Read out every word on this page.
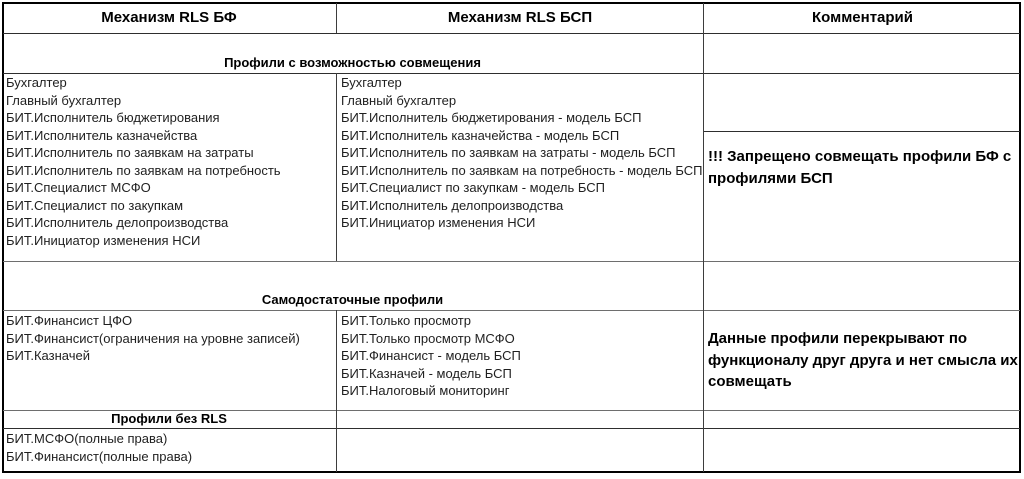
Механизм RLS БФ	Механизм RLS БСП	Комментарий
Профили с возможностью совмещения
Бухгалтер
Главный бухгалтер
БИТ.Исполнитель бюджетирования
БИТ.Исполнитель казначейства
БИТ.Исполнитель по заявкам на затраты
БИТ.Исполнитель по заявкам на потребность
БИТ.Специалист МСФО
БИТ.Специалист по закупкам
БИТ.Исполнитель делопроизводства
БИТ.Инициатор изменения НСИ
Бухгалтер
Главный бухгалтер
БИТ.Исполнитель бюджетирования - модель БСП
БИТ.Исполнитель казначейства - модель БСП
БИТ.Исполнитель по заявкам на затраты - модель БСП
БИТ.Исполнитель по заявкам на потребность - модель БСП
БИТ.Специалист по закупкам - модель БСП
БИТ.Исполнитель делопроизводства
БИТ.Инициатор изменения НСИ
!!! Запрещено совмещать профили БФ с профилями БСП
Самодостаточные профили
БИТ.Финансист ЦФО
БИТ.Финансист(ограничения на уровне записей)
БИТ.Казначей
БИТ.Только просмотр
БИТ.Только просмотр МСФО
БИТ.Финансист - модель БСП
БИТ.Казначей - модель БСП
БИТ.Налоговый мониторинг
Данные профили перекрывают по функционалу друг друга и нет смысла их совмещать
Профили без RLS
БИТ.МСФО(полные права)
БИТ.Финансист(полные права)
